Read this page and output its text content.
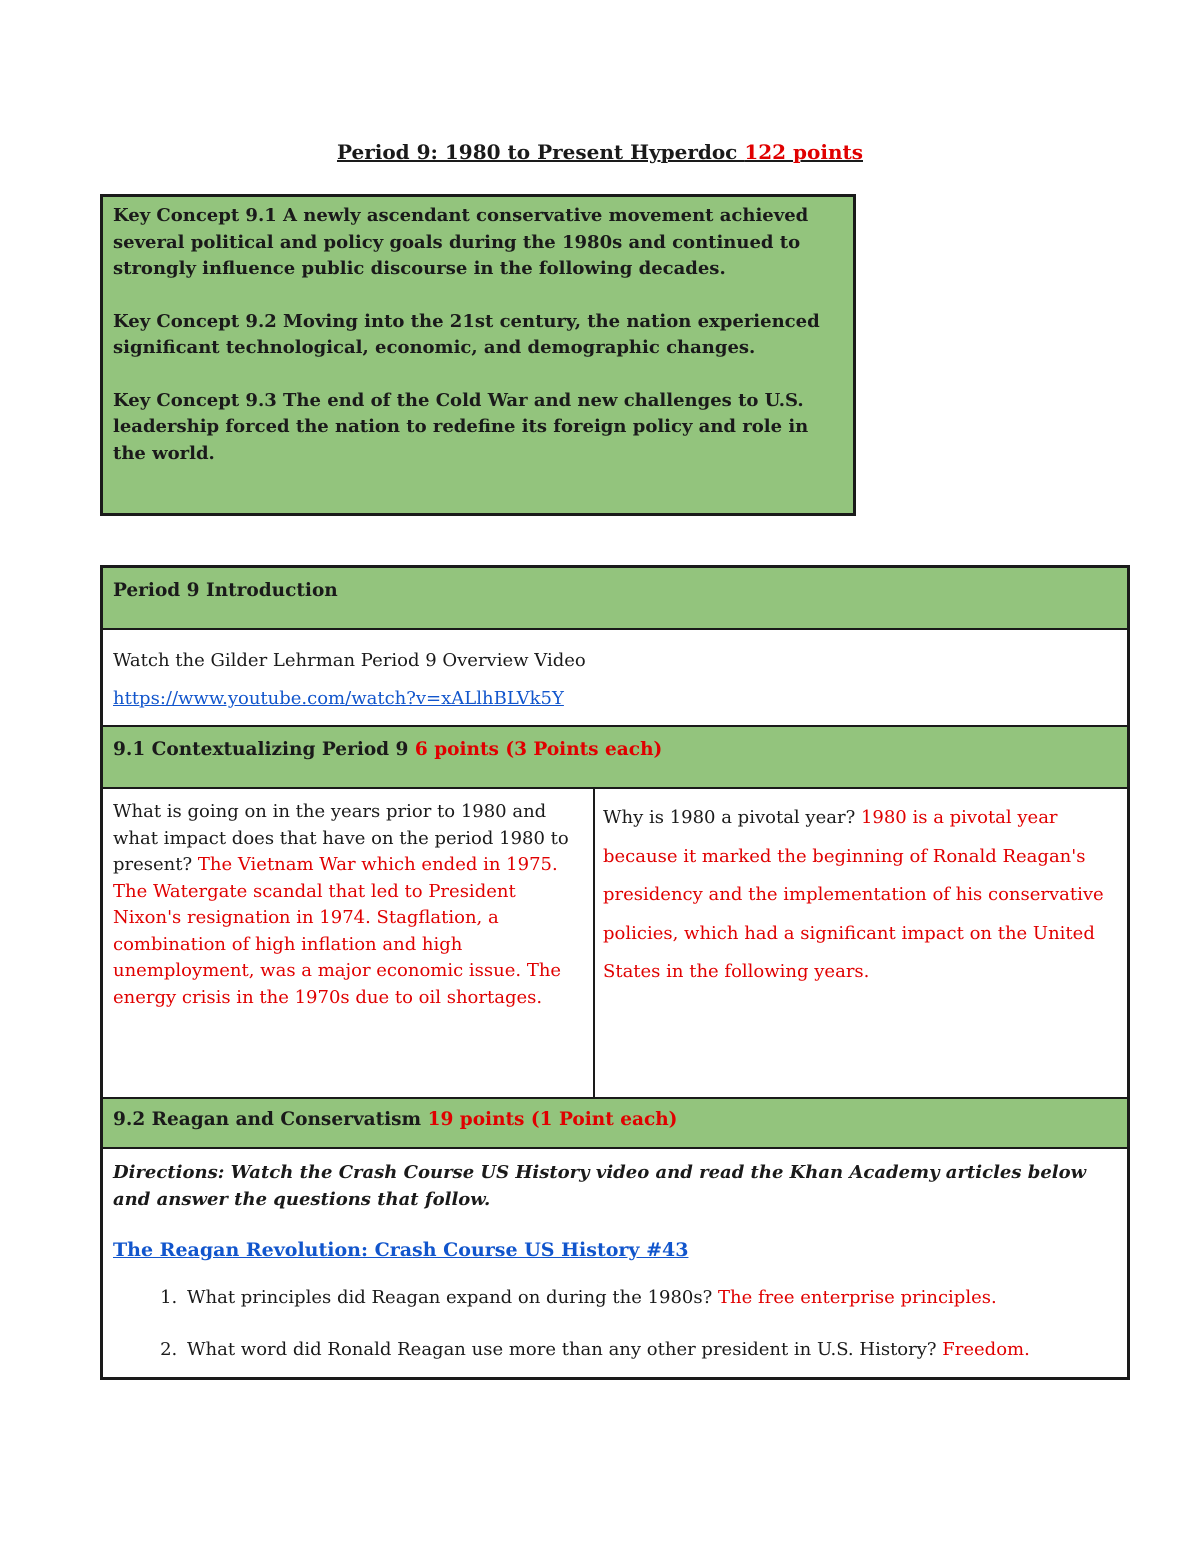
Period 9: 1980 to Present Hyperdoc 122 points

Key Concept 9.1 A newly ascendant conservative movement achieved several political and policy goals during the 1980s and continued to strongly influence public discourse in the following decades.

Key Concept 9.2 Moving into the 21st century, the nation experienced significant technological, economic, and demographic changes.

Key Concept 9.3 The end of the Cold War and new challenges to U.S. leadership forced the nation to redefine its foreign policy and role in the world.

Period 9 Introduction
Watch the Gilder Lehrman Period 9 Overview Video
https://www.youtube.com/watch?v=xALlhBLVk5Y
9.1 Contextualizing Period 9 6 points (3 Points each)
What is going on in the years prior to 1980 and what impact does that have on the period 1980 to present? The Vietnam War which ended in 1975. The Watergate scandal that led to President Nixon's resignation in 1974. Stagflation, a combination of high inflation and high unemployment, was a major economic issue. The energy crisis in the 1970s due to oil shortages.
Why is 1980 a pivotal year? 1980 is a pivotal year because it marked the beginning of Ronald Reagan's presidency and the implementation of his conservative policies, which had a significant impact on the United States in the following years.
9.2 Reagan and Conservatism 19 points (1 Point each)

Directions: Watch the Crash Course US History video and read the Khan Academy articles below and answer the questions that follow.

The Reagan Revolution: Crash Course US History #43

1. What principles did Reagan expand on during the 1980s? The free enterprise principles.
2. What word did Ronald Reagan use more than any other president in U.S. History? Freedom.
